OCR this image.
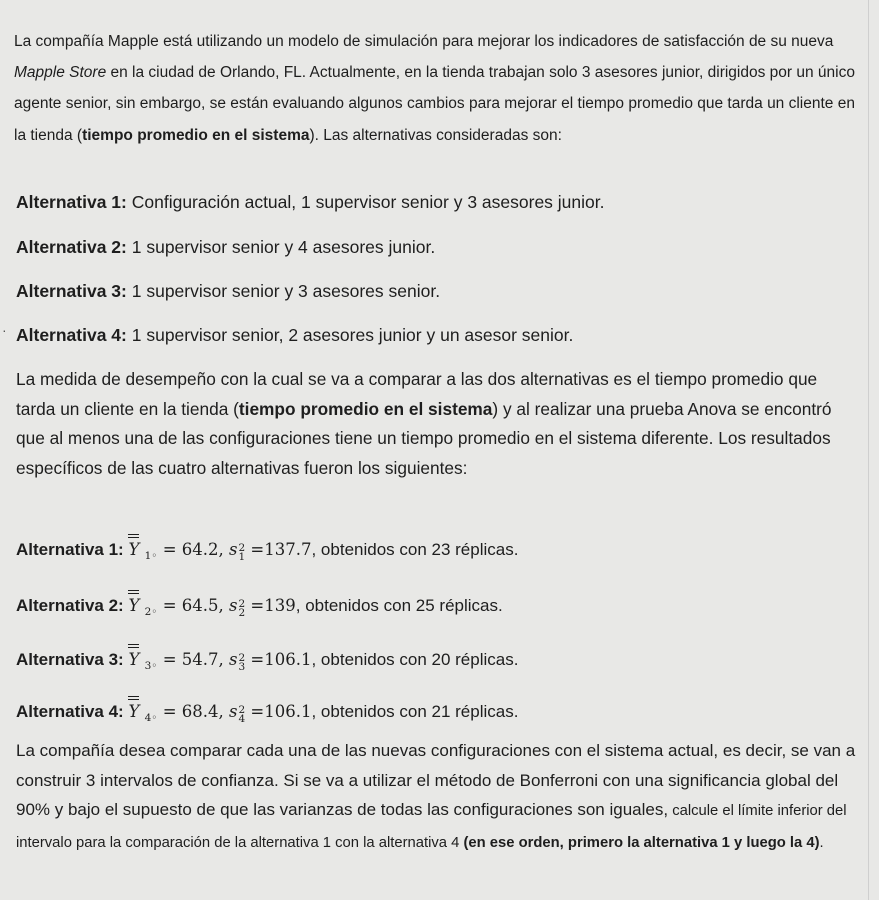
La compañía Mapple está utilizando un modelo de simulación para mejorar los indicadores de satisfacción de su nueva Mapple Store en la ciudad de Orlando, FL. Actualmente, en la tienda trabajan solo 3 asesores junior, dirigidos por un único agente senior, sin embargo, se están evaluando algunos cambios para mejorar el tiempo promedio que tarda un cliente en la tienda (tiempo promedio en el sistema). Las alternativas consideradas son:
Alternativa 1: Configuración actual, 1 supervisor senior y 3 asesores junior.
Alternativa 2: 1 supervisor senior y 4 asesores junior.
Alternativa 3: 1 supervisor senior y 3 asesores senior.
· Alternativa 4: 1 supervisor senior, 2 asesores junior y un asesor senior.
La medida de desempeño con la cual se va a comparar a las dos alternativas es el tiempo promedio que tarda un cliente en la tienda (tiempo promedio en el sistema) y al realizar una prueba Anova se encontró que al menos una de las configuraciones tiene un tiempo promedio en el sistema diferente. Los resultados específicos de las cuatro alternativas fueron los siguientes:
Alternativa 1: Y $_{1◦}$ = 64.2, s 2
1 =137.7, obtenidos con 23 réplicas.
Alternativa 2: Y $_{2◦}$ = 64.5, s 2
2 =139, obtenidos con 25 réplicas.
Alternativa 3: Y $_{3◦}$ = 54.7, s 2
3 =106.1, obtenidos con 20 réplicas.
Alternativa 4: Y $_{4◦}$ = 68.4, s 2
4 =106.1, obtenidos con 21 réplicas.
La compañía desea comparar cada una de las nuevas configuraciones con el sistema actual, es decir, se van a construir 3 intervalos de confianza. Si se va a utilizar el método de Bonferroni con una significancia global del 90% y bajo el supuesto de que las varianzas de todas las configuraciones son iguales, calcule el límite inferior del intervalo para la comparación de la alternativa 1 con la alternativa 4 (en ese orden, primero la alternativa 1 y luego la 4).
